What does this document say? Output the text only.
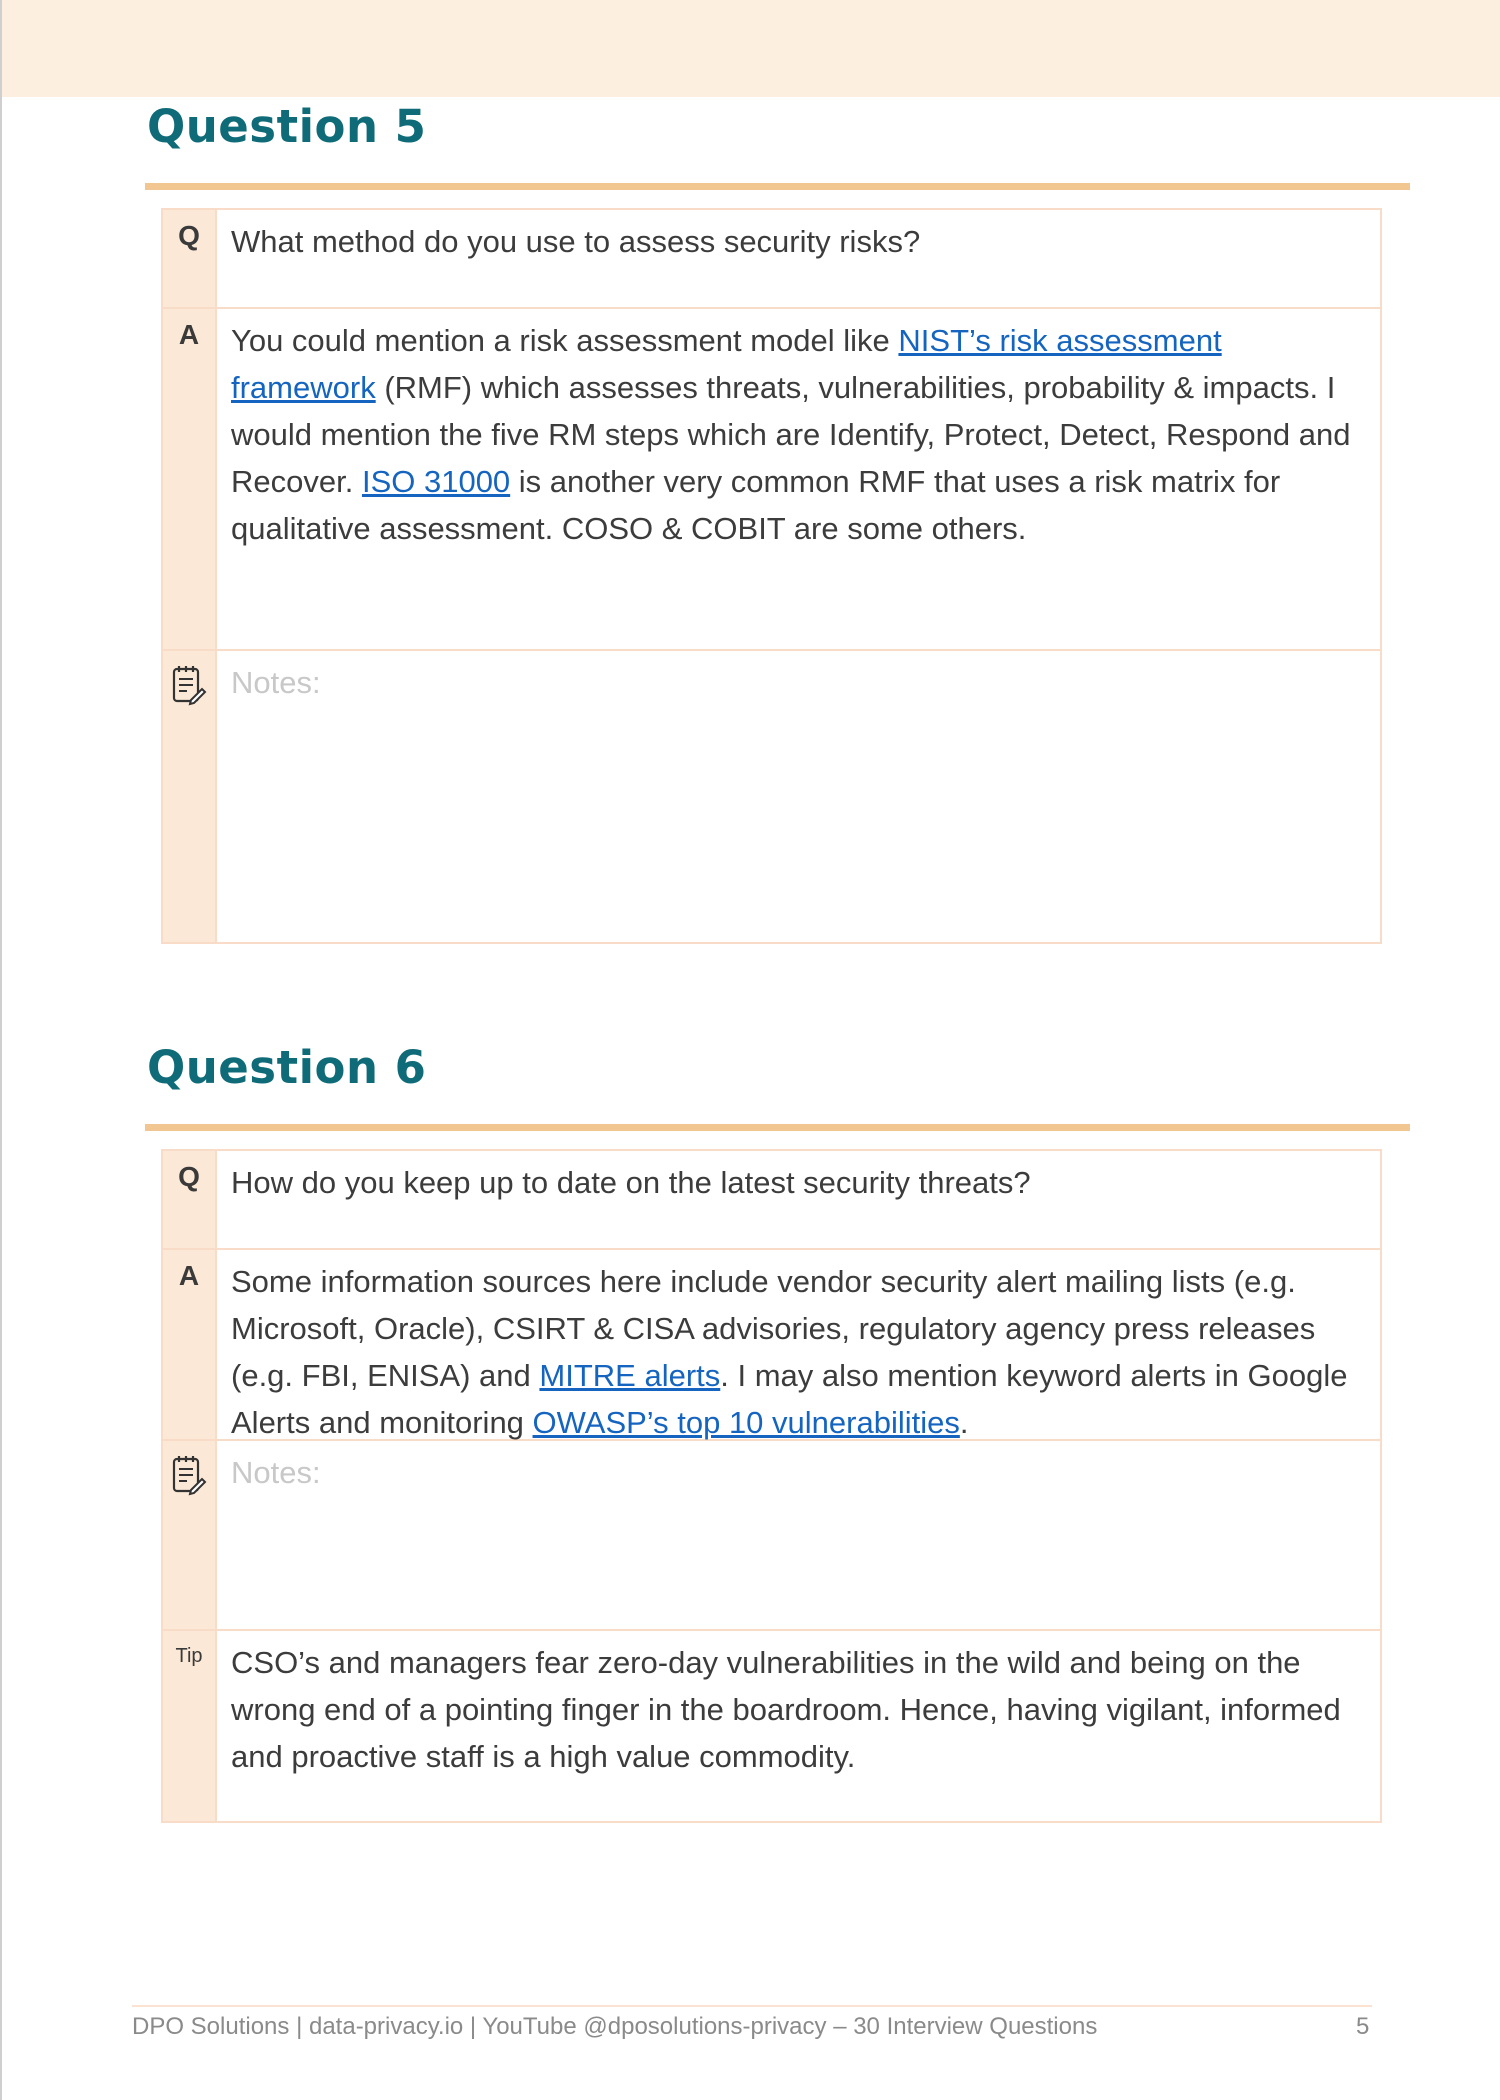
Question 5
Q	What method do you use to assess security risks?
A	You could mention a risk assessment model like NIST’s risk assessment framework (RMF) which assesses threats, vulnerabilities, probability & impacts. I would mention the five RM steps which are Identify, Protect, Detect, Respond and Recover. ISO 31000 is another very common RMF that uses a risk matrix for qualitative assessment. COSO & COBIT are some others.
Notes:
Question 6
Q	How do you keep up to date on the latest security threats?
A	Some information sources here include vendor security alert mailing lists (e.g. Microsoft, Oracle), CSIRT & CISA advisories, regulatory agency press releases (e.g. FBI, ENISA) and MITRE alerts. I may also mention keyword alerts in Google Alerts and monitoring OWASP’s top 10 vulnerabilities.
Notes:
Tip CSO’s and managers fear zero-day vulnerabilities in the wild and being on the wrong end of a pointing finger in the boardroom. Hence, having vigilant, informed and proactive staff is a high value commodity.
DPO Solutions | data-privacy.io | YouTube @dposolutions-privacy – 30 Interview Questions	5
